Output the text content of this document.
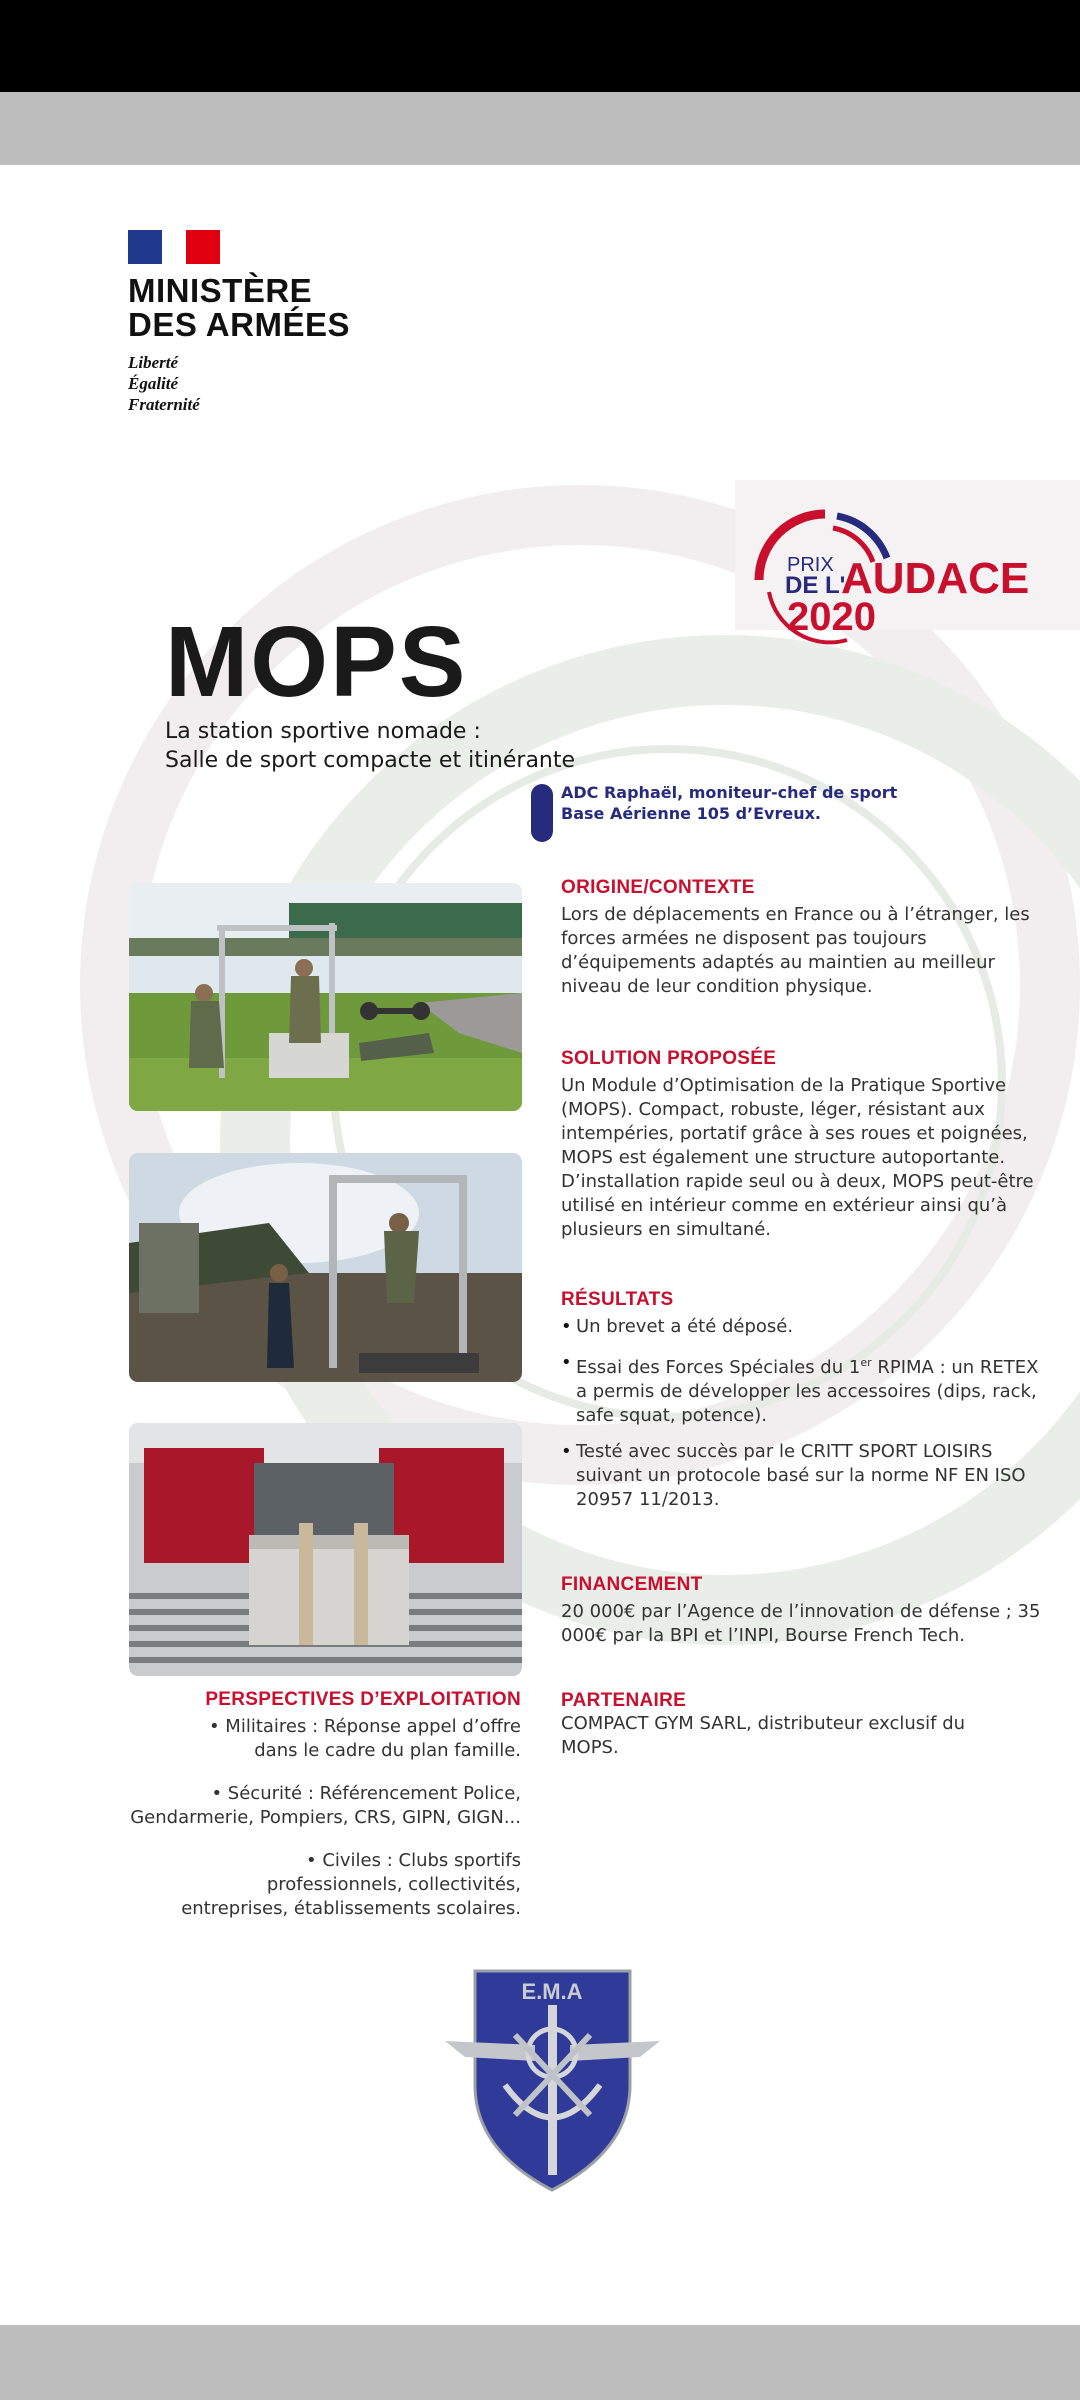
MINISTÈRE
DES ARMÉES
Liberté
Égalité
Fraternité
PRIX
DE L'
AUDACE
2020
MOPS
La station sportive nomade :
Salle de sport compacte et itinérante
ADC Raphaël, moniteur-chef de sport
Base Aérienne 105 d’Evreux.
ORIGINE/CONTEXTE
Lors de déplacements en France ou à l’étranger, les forces armées ne disposent pas toujours d’équipements adaptés au maintien au meilleur niveau de leur condition physique.
SOLUTION PROPOSÉE
Un Module d’Optimisation de la Pratique Sportive (MOPS). Compact, robuste, léger, résistant aux intempéries, portatif grâce à ses roues et poignées, MOPS est également une structure autoportante. D’installation rapide seul ou à deux, MOPS peut-être utilisé en intérieur comme en extérieur ainsi qu’à plusieurs en simultané.
RÉSULTATS
• Un brevet a été déposé.
• Essai des Forces Spéciales du 1er RPIMA : un RETEX a permis de développer les accessoires (dips, rack, safe squat, potence).
• Testé avec succès par le CRITT SPORT LOISIRS suivant un protocole basé sur la norme NF EN ISO 20957 11/2013.
FINANCEMENT
20 000€ par l’Agence de l’innovation de défense ; 35 000€ par la BPI et l’INPI, Bourse French Tech.
PARTENAIRE
COMPACT GYM SARL, distributeur exclusif du MOPS.
PERSPECTIVES D’EXPLOITATION
• Militaires : Réponse appel d’offre dans le cadre du plan famille.
• Sécurité : Référencement Police, Gendarmerie, Pompiers, CRS, GIPN, GIGN...
• Civiles : Clubs sportifs professionnels, collectivités, entreprises, établissements scolaires.
E.M.A
